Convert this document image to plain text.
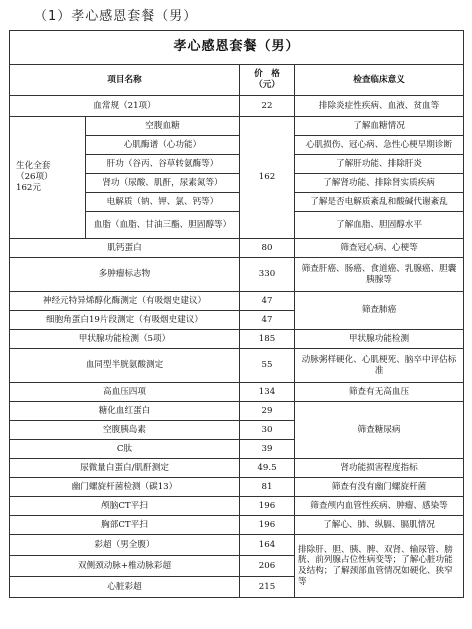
（1）孝心感恩套餐（男）
孝心感恩套餐（男）			
项目名称		价　格
（元）	检查临床意义
血常规（21项）		22	排除炎症性疾病、血液、贫血等
生化全套
（26项）
162元	空腹血糖	162	了解血糖情况
	心肌酶谱（心功能）		心肌损伤、冠心病、急性心梗早期诊断
	肝功（谷丙、谷草转氨酶等）		了解肝功能、排除肝炎
	肾功（尿酸、肌酐，尿素氮等）		了解肾功能、排除肾实质疾病
	电解质（钠、钾、氯、钙等）		了解是否电解质紊乱和酸碱代谢紊乱
	血脂（血脂、甘油三酯、胆固醇等）		了解血脂、胆固醇水平
肌钙蛋白		80	筛查冠心病、心梗等
多肿瘤标志物		330	筛查肝癌、肠癌、食道癌、乳腺癌、胆囊胰腺等
神经元特异烯醇化酶测定（有吸烟史建议）		47	筛查肺癌
细胞角蛋白19片段测定（有吸烟史建议）		47	
甲状腺功能检测（5项）		185	甲状腺功能检测
血同型半胱氨酸测定		55	动脉粥样硬化、心肌梗死、脑卒中评估标准
高血压四项		134	筛查有无高血压
糖化血红蛋白		29	筛查糖尿病
空腹胰岛素		30	
C肽		39	
尿微量白蛋白/肌酐测定		49.5	肾功能损害程度指标
幽门螺旋杆菌检测（碳13）		81	筛查有没有幽门螺旋杆菌
颅脑CT平扫		196	筛查颅内血管性疾病、肿瘤、感染等
胸部CT平扫		196	了解心、肺、纵膈、膈肌情况
彩超（男全腹）		164	排除肝、胆、胰、脾、双肾、输尿管、膀胱、前列腺占位性病变等；了解心脏功能及结构；了解颈部血管情况如硬化、狭窄等
双侧颈动脉+椎动脉彩超		206	
心脏彩超		215	
